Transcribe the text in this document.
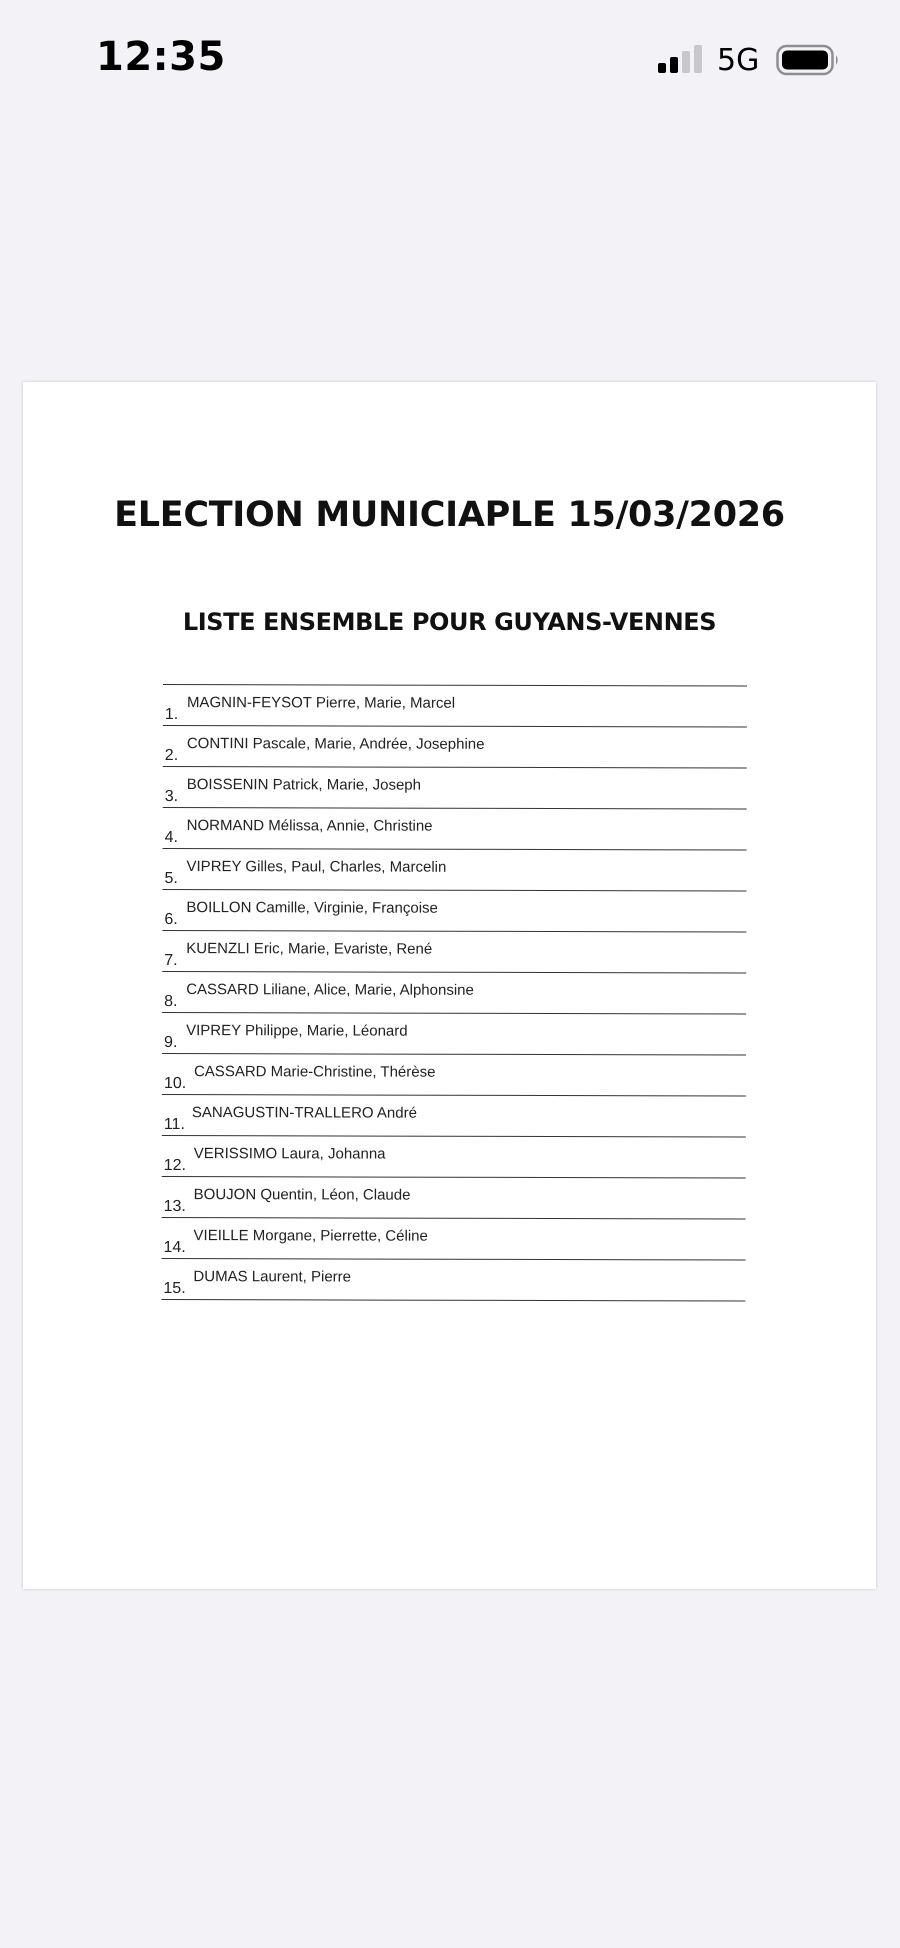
12:35	5G
ELECTION MUNICIAPLE 15/03/2026
LISTE ENSEMBLE POUR GUYANS-VENNES
1.
MAGNIN-FEYSOT Pierre, Marie, Marcel
2.
CONTINI Pascale, Marie, Andrée, Josephine
3.
BOISSENIN Patrick, Marie, Joseph
4.
NORMAND Mélissa, Annie, Christine
5.
VIPREY Gilles, Paul, Charles, Marcelin
6.
BOILLON Camille, Virginie, Françoise
7.
KUENZLI Eric, Marie, Evariste, René
8.
CASSARD Liliane, Alice, Marie, Alphonsine
9.
VIPREY Philippe, Marie, Léonard
10.
CASSARD Marie-Christine, Thérèse
11.
SANAGUSTIN-TRALLERO André
12.
VERISSIMO Laura, Johanna
13.
BOUJON Quentin, Léon, Claude
14.
VIEILLE Morgane, Pierrette, Céline
15.
DUMAS Laurent, Pierre
